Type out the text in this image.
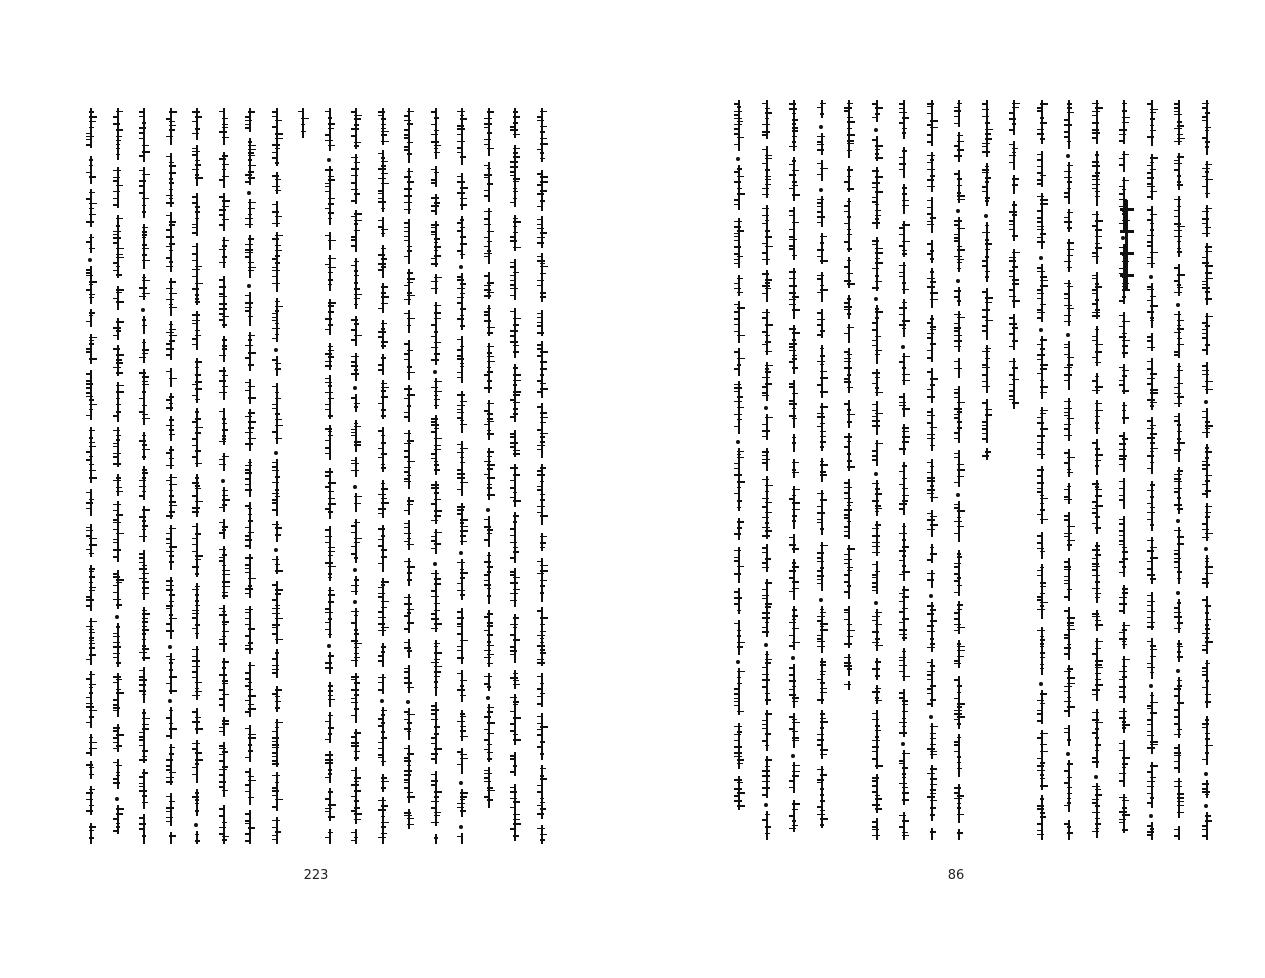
223	86
